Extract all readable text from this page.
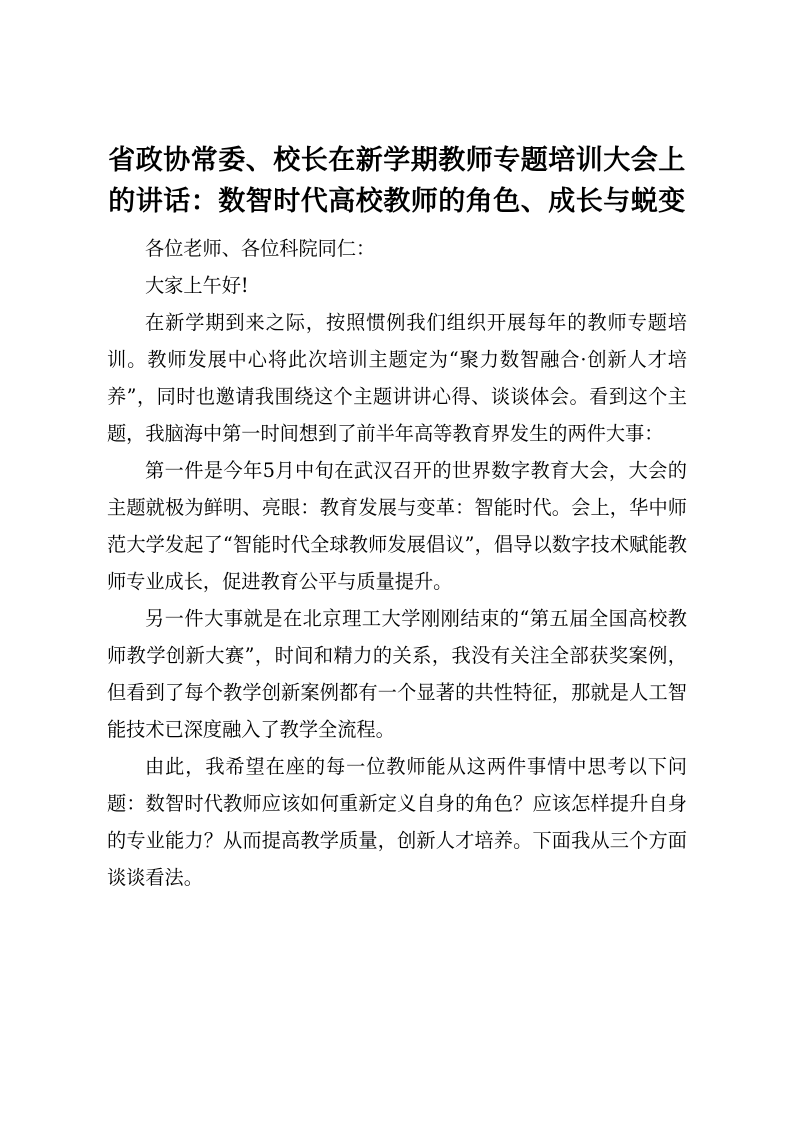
省政协常委、校长在新学期教师专题培训大会上的讲话：数智时代高校教师的角色、成长与蜕变

各位老师、各位科院同仁：

大家上午好!

在新学期到来之际，按照惯例我们组织开展每年的教师专题培训。教师发展中心将此次培训主题定为“聚力数智融合·创新人才培养”，同时也邀请我围绕这个主题讲讲心得、谈谈体会。看到这个主题，我脑海中第一时间想到了前半年高等教育界发生的两件大事：

第一件是今年5月中旬在武汉召开的世界数字教育大会，大会的主题就极为鲜明、亮眼：教育发展与变革：智能时代。会上，华中师范大学发起了“智能时代全球教师发展倡议”，倡导以数字技术赋能教师专业成长，促进教育公平与质量提升。

另一件大事就是在北京理工大学刚刚结束的“第五届全国高校教师教学创新大赛”，时间和精力的关系，我没有关注全部获奖案例，但看到了每个教学创新案例都有一个显著的共性特征，那就是人工智能技术已深度融入了教学全流程。

由此，我希望在座的每一位教师能从这两件事情中思考以下问题：数智时代教师应该如何重新定义自身的角色？应该怎样提升自身的专业能力？从而提高教学质量，创新人才培养。下面我从三个方面谈谈看法。
